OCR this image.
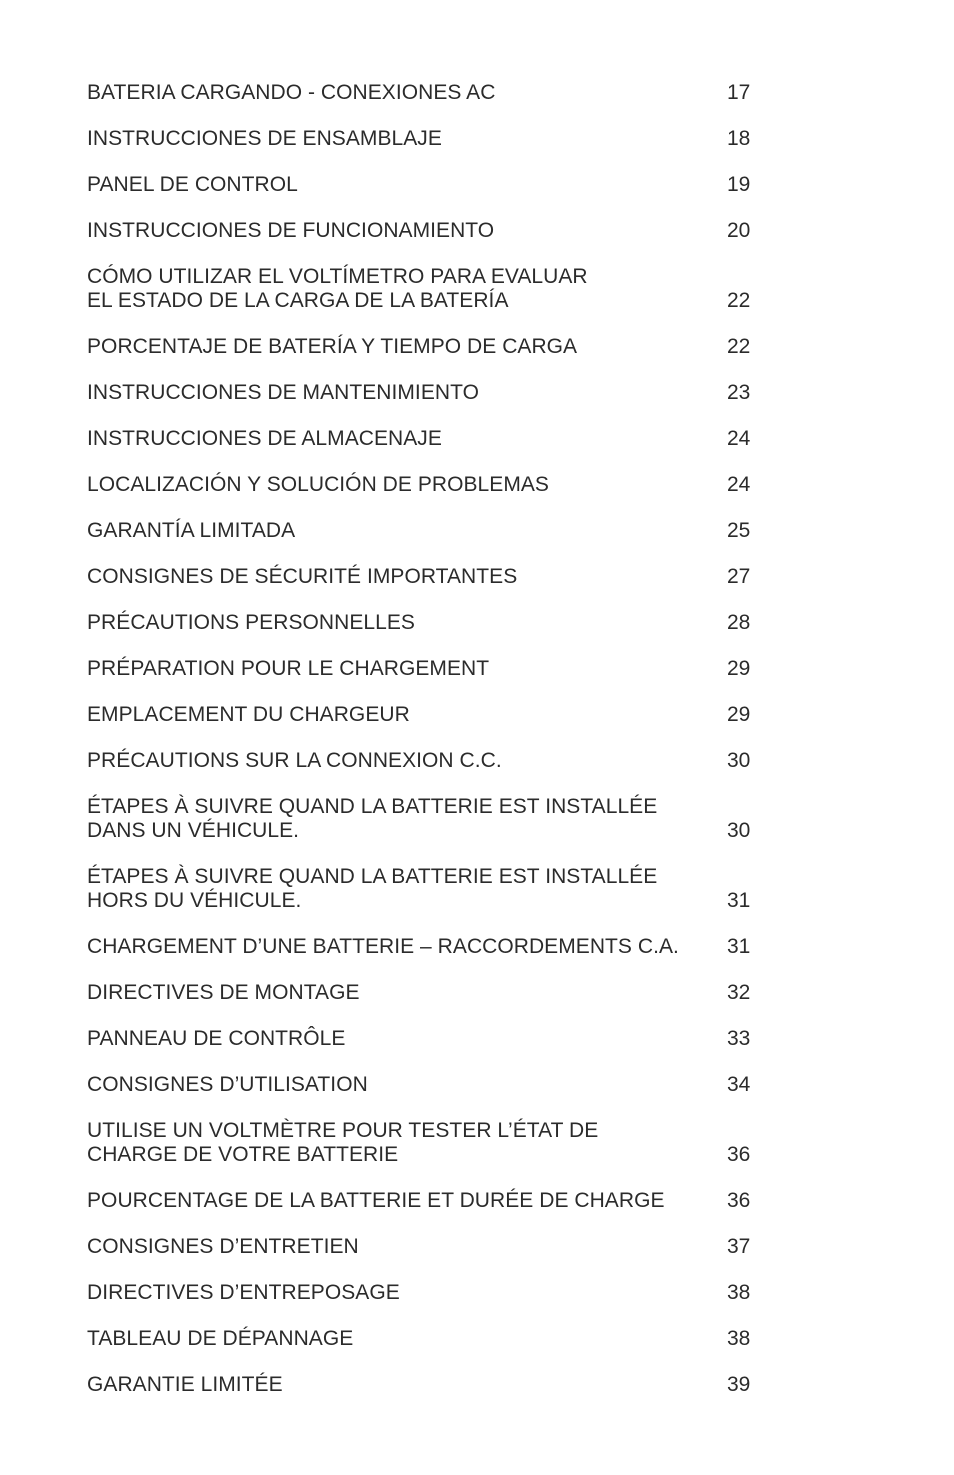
BATERIA CARGANDO - CONEXIONES AC	17
INSTRUCCIONES DE ENSAMBLAJE	18
PANEL DE CONTROL	19
INSTRUCCIONES DE FUNCIONAMIENTO	20
CÓMO UTILIZAR EL VOLTÍMETRO PARA EVALUAR
EL ESTADO DE LA CARGA DE LA BATERÍA	22
PORCENTAJE DE BATERÍA Y TIEMPO DE CARGA	22
INSTRUCCIONES DE MANTENIMIENTO	23
INSTRUCCIONES DE ALMACENAJE	24
LOCALIZACIÓN Y SOLUCIÓN DE PROBLEMAS	24
GARANTÍA LIMITADA	25
CONSIGNES DE SÉCURITÉ IMPORTANTES	27
PRÉCAUTIONS PERSONNELLES	28
PRÉPARATION POUR LE CHARGEMENT	29
EMPLACEMENT DU CHARGEUR	29
PRÉCAUTIONS SUR LA CONNEXION C.C.	30
ÉTAPES À SUIVRE QUAND LA BATTERIE EST INSTALLÉE
DANS UN VÉHICULE.	30
ÉTAPES À SUIVRE QUAND LA BATTERIE EST INSTALLÉE
HORS DU VÉHICULE.	31
CHARGEMENT D’UNE BATTERIE – RACCORDEMENTS C.A.	31
DIRECTIVES DE MONTAGE	32
PANNEAU DE CONTRÔLE	33
CONSIGNES D’UTILISATION	34
UTILISE UN VOLTMÈTRE POUR TESTER L’ÉTAT DE
CHARGE DE VOTRE BATTERIE	36
POURCENTAGE DE LA BATTERIE ET DURÉE DE CHARGE	36
CONSIGNES D’ENTRETIEN	37
DIRECTIVES D’ENTREPOSAGE	38
TABLEAU DE DÉPANNAGE	38
GARANTIE LIMITÉE	39
